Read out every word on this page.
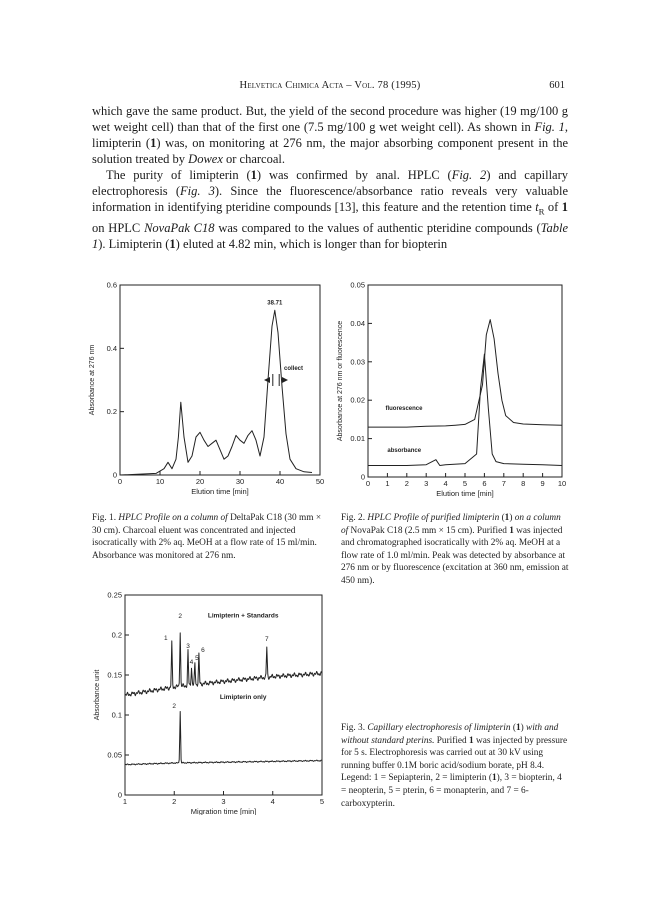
Helvetica Chimica Acta – Vol. 78 (1995)	601

which gave the same product. But, the yield of the second procedure was higher (19 mg/100 g wet weight cell) than that of the first one (7.5 mg/100 g wet weight cell). As shown in Fig. 1, limipterin (1) was, on monitoring at 276 nm, the major absorbing component present in the solution treated by Dowex or charcoal.

The purity of limipterin (1) was confirmed by anal. HPLC (Fig. 2) and capillary electrophoresis (Fig. 3). Since the fluorescence/absorbance ratio reveals very valuable information in identifying pteridine compounds [13], this feature and the retention time $t_R$ of 1 on HPLC NovaPak C18 was compared to the values of authentic pteridine compounds (Table 1). Limipterin (1) eluted at 4.82 min, which is longer than for biopterin

0	10	20	30	40	50
0
0.2
0.4
0.6
Elution time [min]
Absorbance at 276 nm
38.71
collect
0 1 2 3 4 5 6 7 8 9 10
0
0.01
0.02
0.03
0.04
0.05
Elution time [min]
Absorbance at 276 nm or fluorescence	fluorescence
absorbance
1	2	3	4	5
0
0.05
0.1
0.15
0.2
0.25
Migration time [min]
Absorbance unit
Limipterin + Standards
1
2
3
4
5
6
7
Limipterin only
2
Fig. 1. HPLC Profile on a column of DeltaPak C18 (30 mm × 30 cm). Charcoal eluent was concentrated and injected isocratically with 2% aq. MeOH at a flow rate of 15 ml/min. Absorbance was monitored at 276 nm.
Fig. 2. HPLC Profile of purified limipterin (1) on a column of NovaPak C18 (2.5 mm × 15 cm). Purified 1 was injected and chromatographed isocratically with 2% aq. MeOH at a flow rate of 1.0 ml/min. Peak was detected by absorbance at 276 nm or by fluorescence (excitation at 360 nm, emission at 450 nm).
Fig. 3. Capillary electrophoresis of limipterin (1) with and without standard pterins. Purified 1 was injected by pressure for 5 s. Electrophoresis was carried out at 30 kV using running buffer 0.1M boric acid/sodium borate, pH 8.4. Legend: 1 = Sepiapterin, 2 = limipterin (1), 3 = biopterin, 4 = neopterin, 5 = pterin, 6 = monapterin, and 7 = 6-carboxypterin.
